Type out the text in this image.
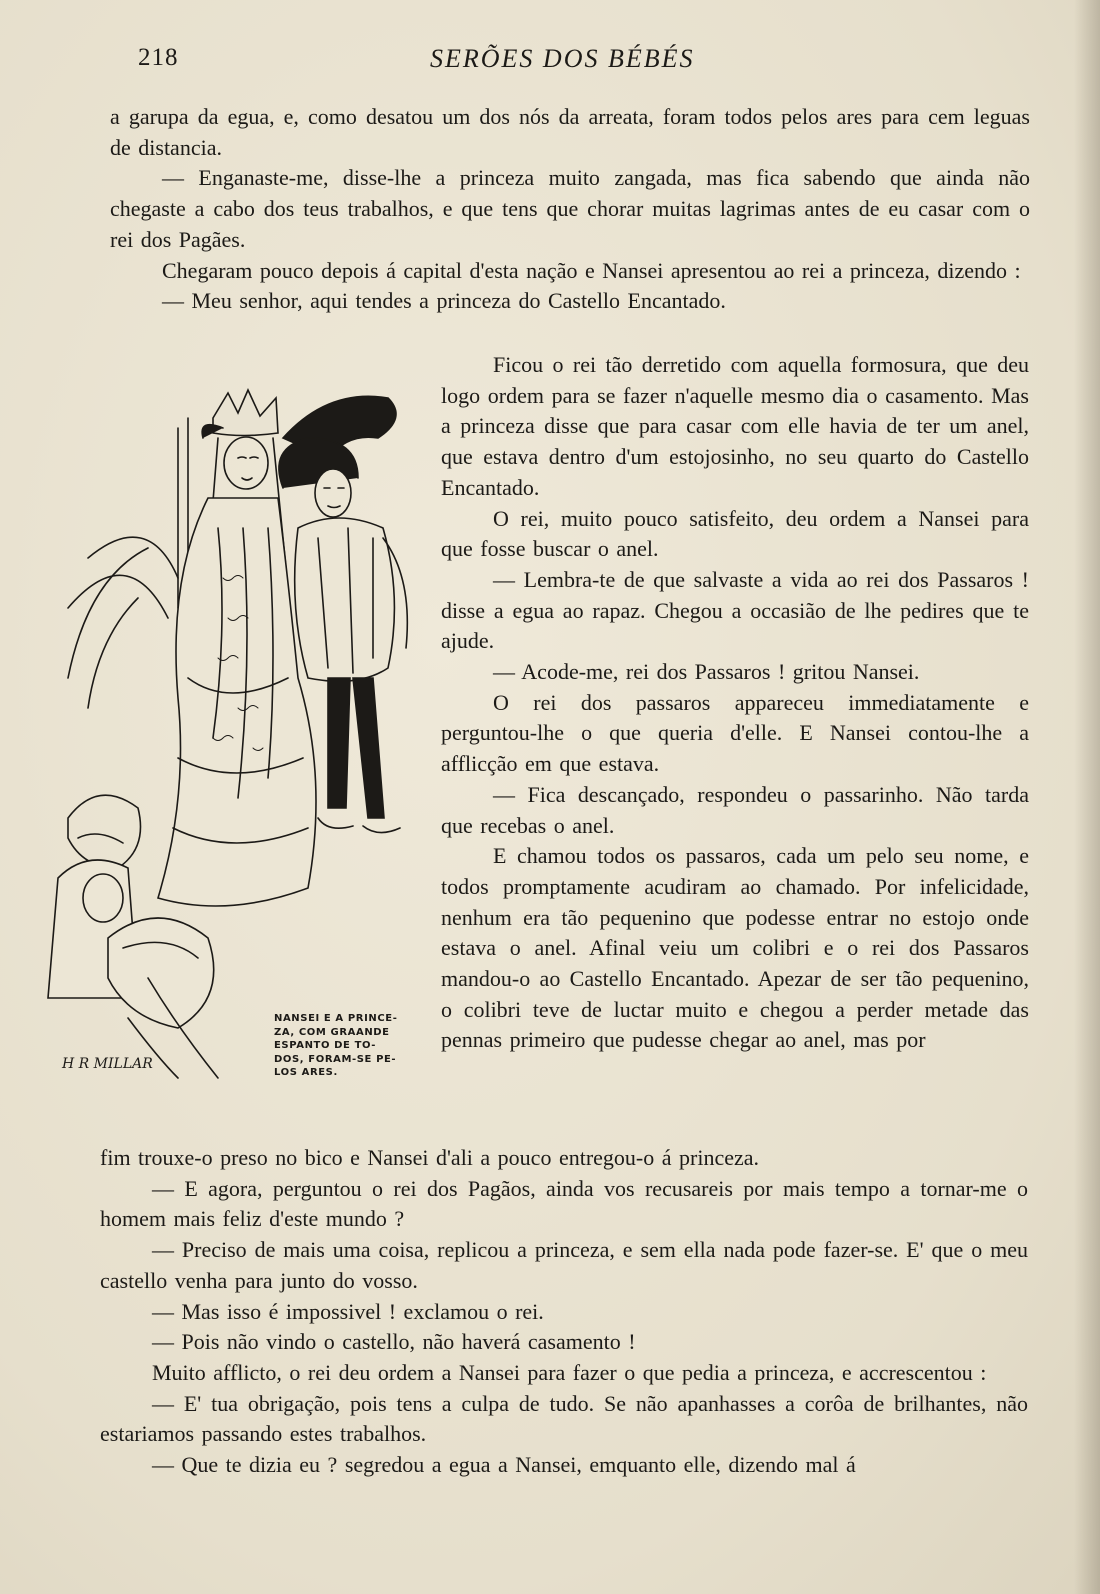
218	SERÕES DOS BÉBÉS

a garupa da egua, e, como desatou um dos nós da arreata, foram todos pelos ares para cem leguas de distancia.

— Enganaste-me, disse-lhe a princeza muito zangada, mas fica sabendo que ainda não chegaste a cabo dos teus trabalhos, e que tens que chorar muitas lagrimas antes de eu casar com o rei dos Pagães.

Chegaram pouco depois á capital d'esta nação e Nansei apresentou ao rei a princeza, dizendo :

— Meu senhor, aqui tendes a princeza do Castello Encantado.

H R MILLAR
NANSEI E A PRINCE-
ZA, COM GRAANDE
ESPANTO DE TO-
DOS, FORAM-SE PE-
LOS ARES.

Ficou o rei tão derretido com aquella formosura, que deu logo ordem para se fazer n'aquelle mesmo dia o casamento. Mas a princeza disse que para casar com elle havia de ter um anel, que estava dentro d'um estojosinho, no seu quarto do Castello Encantado.

O rei, muito pouco satisfeito, deu ordem a Nansei para que fosse buscar o anel.

— Lembra-te de que salvaste a vida ao rei dos Passaros ! disse a egua ao rapaz. Chegou a occasião de lhe pedires que te ajude.

— Acode-me, rei dos Passaros ! gritou Nansei.

O rei dos passaros appareceu immediatamente e perguntou-lhe o que queria d'elle. E Nansei contou-lhe a afflicção em que estava.

— Fica descançado, respondeu o passarinho. Não tarda que recebas o anel.

E chamou todos os passaros, cada um pelo seu nome, e todos promptamente acudiram ao chamado. Por infelicidade, nenhum era tão pequenino que podesse entrar no estojo onde estava o anel. Afinal veiu um colibri e o rei dos Passaros mandou-o ao Castello Encantado. Apezar de ser tão pequenino, o colibri teve de luctar muito e chegou a perder metade das pennas primeiro que pudesse chegar ao anel, mas por

fim trouxe-o preso no bico e Nansei d'ali a pouco entregou-o á princeza.

— E agora, perguntou o rei dos Pagãos, ainda vos recusareis por mais tempo a tornar-me o homem mais feliz d'este mundo ?

— Preciso de mais uma coisa, replicou a princeza, e sem ella nada pode fazer-se. E' que o meu castello venha para junto do vosso.

— Mas isso é impossivel ! exclamou o rei.

— Pois não vindo o castello, não haverá casamento !

Muito afflicto, o rei deu ordem a Nansei para fazer o que pedia a princeza, e accrescentou :

— E' tua obrigação, pois tens a culpa de tudo. Se não apanhasses a corôa de brilhantes, não estariamos passando estes trabalhos.

— Que te dizia eu ? segredou a egua a Nansei, emquanto elle, dizendo mal á
